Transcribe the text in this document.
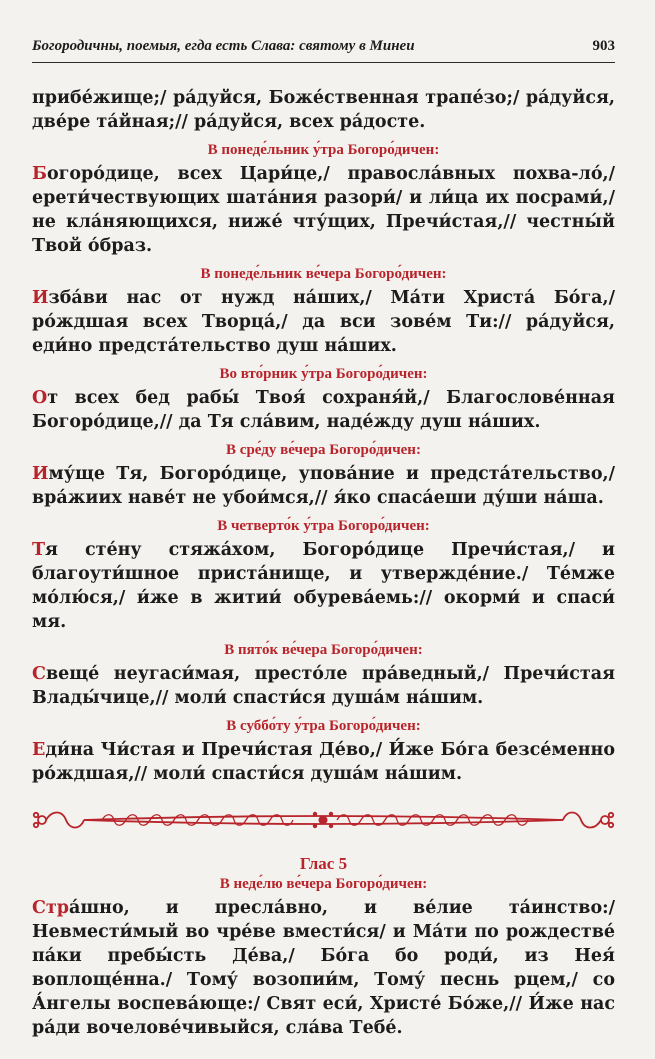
Богородичны, поемыя, егда есть Слава: святому в Минеи	903

прибе́жище;/ ра́дуйся, Боже́ственная трапе́зо;/ ра́дуйся, две́ре та́йная;// ра́дуйся, всех ра́досте.

В понеде́льник у́тра Богоро́дичен:

Богоро́дице, всех Цари́це,/ правосла́вных похва-ло́,/ ерети́чествующих шата́ния разори́/ и ли́ца их посрами́,/ не кла́няющихся, ниже́ чту́щих, Пречи́стая,// честны́й Твой о́браз.

В понеде́льник ве́чера Богоро́дичен:

Изба́ви нас от нужд на́ших,/ Ма́ти Христа́ Бо́га,/ ро́ждшая всех Творца́,/ да вси зове́м Ти:// ра́дуйся, еди́но предста́тельство душ на́ших.

Во вто́рник у́тра Богоро́дичен:

От всех бед рабы́ Твоя́ сохраня́й,/ Благослове́нная Богоро́дице,// да Тя сла́вим, наде́жду душ на́ших.

В сре́ду ве́чера Богоро́дичен:

Иму́ще Тя, Богоро́дице, упова́ние и предста́тельство,/ вра́жиих наве́т не убои́мся,// я́ко спаса́еши ду́ши на́ша.

В четверто́к у́тра Богоро́дичен:

Тя сте́ну стяжа́хом, Богоро́дице Пречи́стая,/ и благоути́шное приста́нище, и утвержде́ние./ Те́мже мо́лю́ся,/ и́же в житии́ обурева́емь:// окорми́ и спаси́ мя.

В пято́к ве́чера Богоро́дичен:

Свеще́ неугаси́мая, престо́ле пра́ведный,/ Пречи́стая Влады́чице,// моли́ спасти́ся душа́м на́шим.

В суббо́ту у́тра Богоро́дичен:

Еди́на Чи́стая и Пречи́стая Де́во,/ И́же Бо́га безсе́менно ро́ждшая,// моли́ спасти́ся душа́м на́шим.

Глас 5
В неде́лю ве́чера Богоро́дичен:

Стра́шно, и пресла́вно, и ве́лие та́инство:/ Невмести́мый во чре́ве вмести́ся/ и Ма́ти по рождестве́ па́ки пребы́сть Де́ва,/ Бо́га бо роди́, из Нея́ воплоще́нна./ Тому́ возопии́м, Тому́ песнь рцем,/ со А́нгелы воспева́юще:/ Свят еси́, Христе́ Бо́же,// И́же нас ра́ди вочелове́чивыйся, сла́ва Тебе́.
